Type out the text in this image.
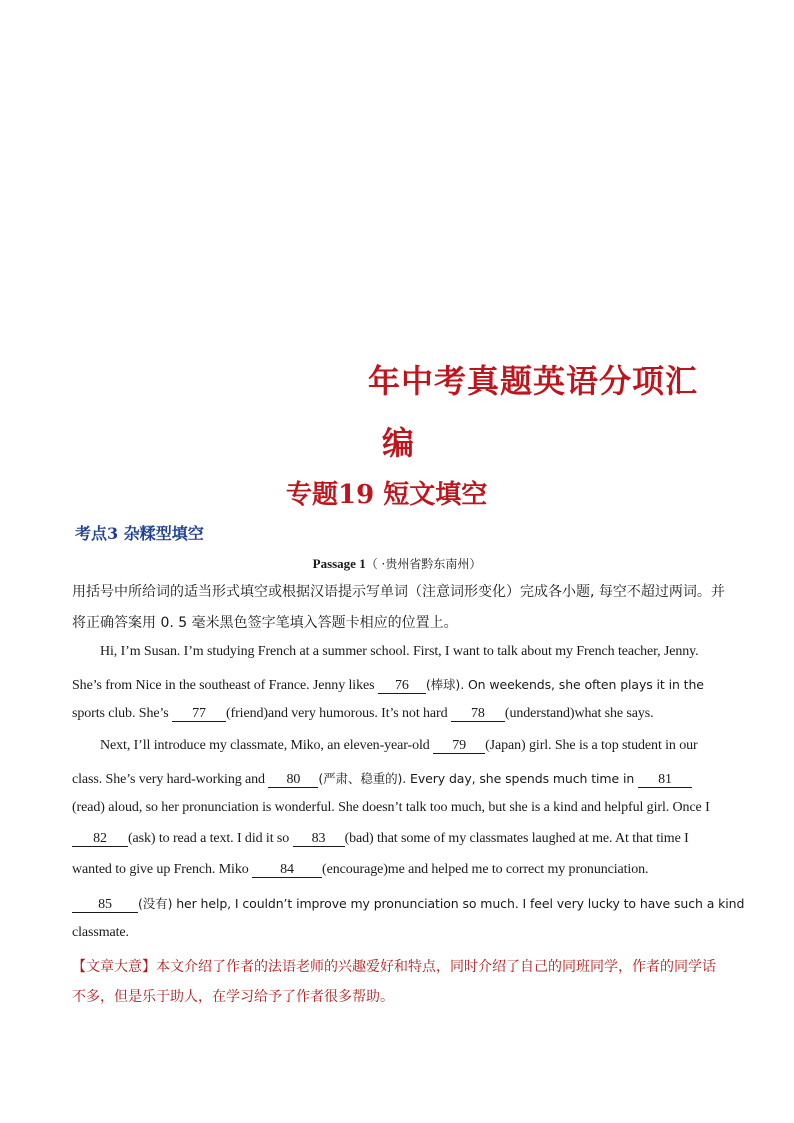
年中考真题英语分项汇
编
专题19 短文填空
考点3 杂糅型填空
Passage 1（ ·贵州省黔东南州）
用括号中所给词的适当形式填空或根据汉语提示写单词（注意词形变化）完成各小题, 每空不超过两词。并
将正确答案用 0. 5 毫米黑色签字笔填入答题卡相应的位置上。
Hi, I’m Susan. I’m studying French at a summer school. First, I want to talk about my French teacher, Jenny.
She’s from Nice in the southeast of France. Jenny likes 76 (棒球). On weekends, she often plays it in the
sports club. She’s 77 (friend)and very humorous. It’s not hard 78 (understand)what she says.
Next, I’ll introduce my classmate, Miko, an eleven-year-old 79 (Japan) girl. She is a top student in our
class. She’s very hard-working and 80 (严肃、稳重的). Every day, she spends much time in 81
(read) aloud, so her pronunciation is wonderful. She doesn’t talk too much, but she is a kind and helpful girl. Once I
82 (ask) to read a text. I did it so 83 (bad) that some of my classmates laughed at me. At that time I
wanted to give up French. Miko 84 (encourage)me and helped me to correct my pronunciation.
85 (没有) her help, I couldn’t improve my pronunciation so much. I feel very lucky to have such a kind
classmate.
【文章大意】本文介绍了作者的法语老师的兴趣爱好和特点，同时介绍了自己的同班同学，作者的同学话
不多，但是乐于助人，在学习给予了作者很多帮助。
